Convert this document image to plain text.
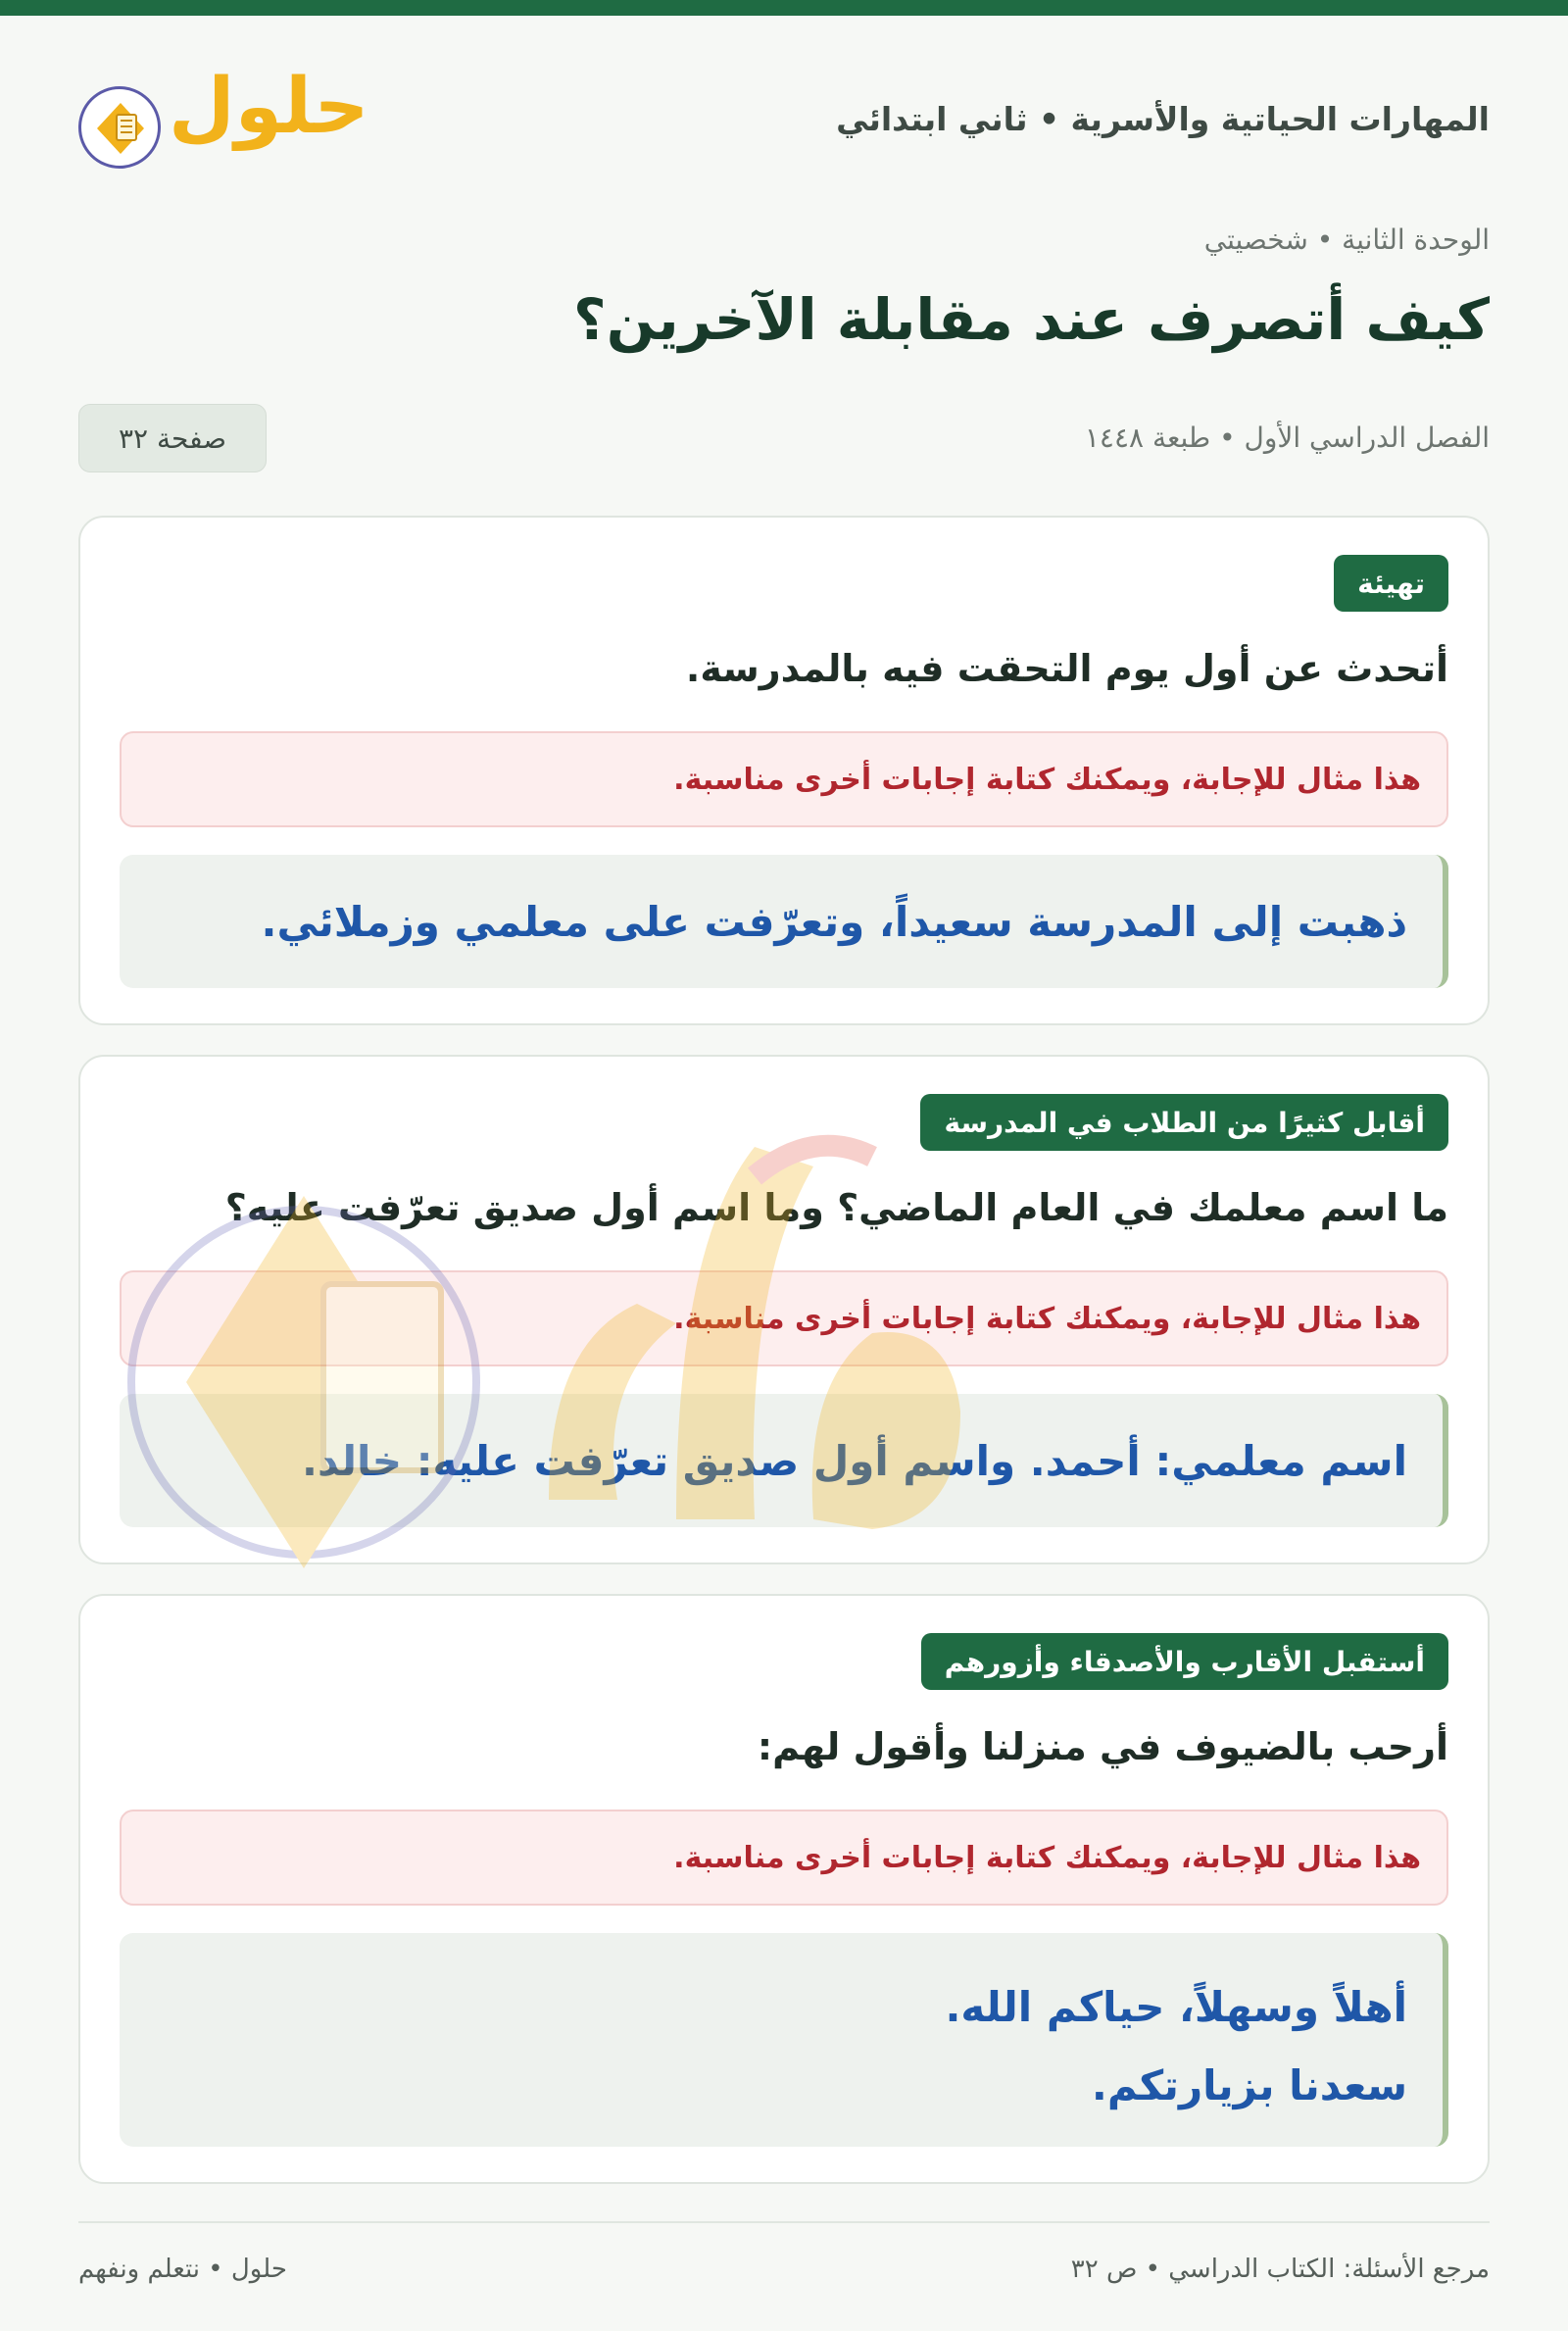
المهارات الحياتية والأسرية • ثاني ابتدائي
حلول
الوحدة الثانية • شخصيتي
كيف أتصرف عند مقابلة الآخرين؟
الفصل الدراسي الأول • طبعة ١٤٤٨
صفحة ٣٢
تهيئة
أتحدث عن أول يوم التحقت فيه بالمدرسة.
هذا مثال للإجابة، ويمكنك كتابة إجابات أخرى مناسبة.
ذهبت إلى المدرسة سعيداً، وتعرّفت على معلمي وزملائي.
أقابل كثيرًا من الطلاب في المدرسة
ما اسم معلمك في العام الماضي؟ وما اسم أول صديق تعرّفت عليه؟
هذا مثال للإجابة، ويمكنك كتابة إجابات أخرى مناسبة.
اسم معلمي: أحمد. واسم أول صديق تعرّفت عليه: خالد.
أستقبل الأقارب والأصدقاء وأزورهم
أرحب بالضيوف في منزلنا وأقول لهم:
هذا مثال للإجابة، ويمكنك كتابة إجابات أخرى مناسبة.
أهلاً وسهلاً، حياكم الله.
سعدنا بزيارتكم.
مرجع الأسئلة: الكتاب الدراسي • ص ٣٢
حلول • نتعلم ونفهم
